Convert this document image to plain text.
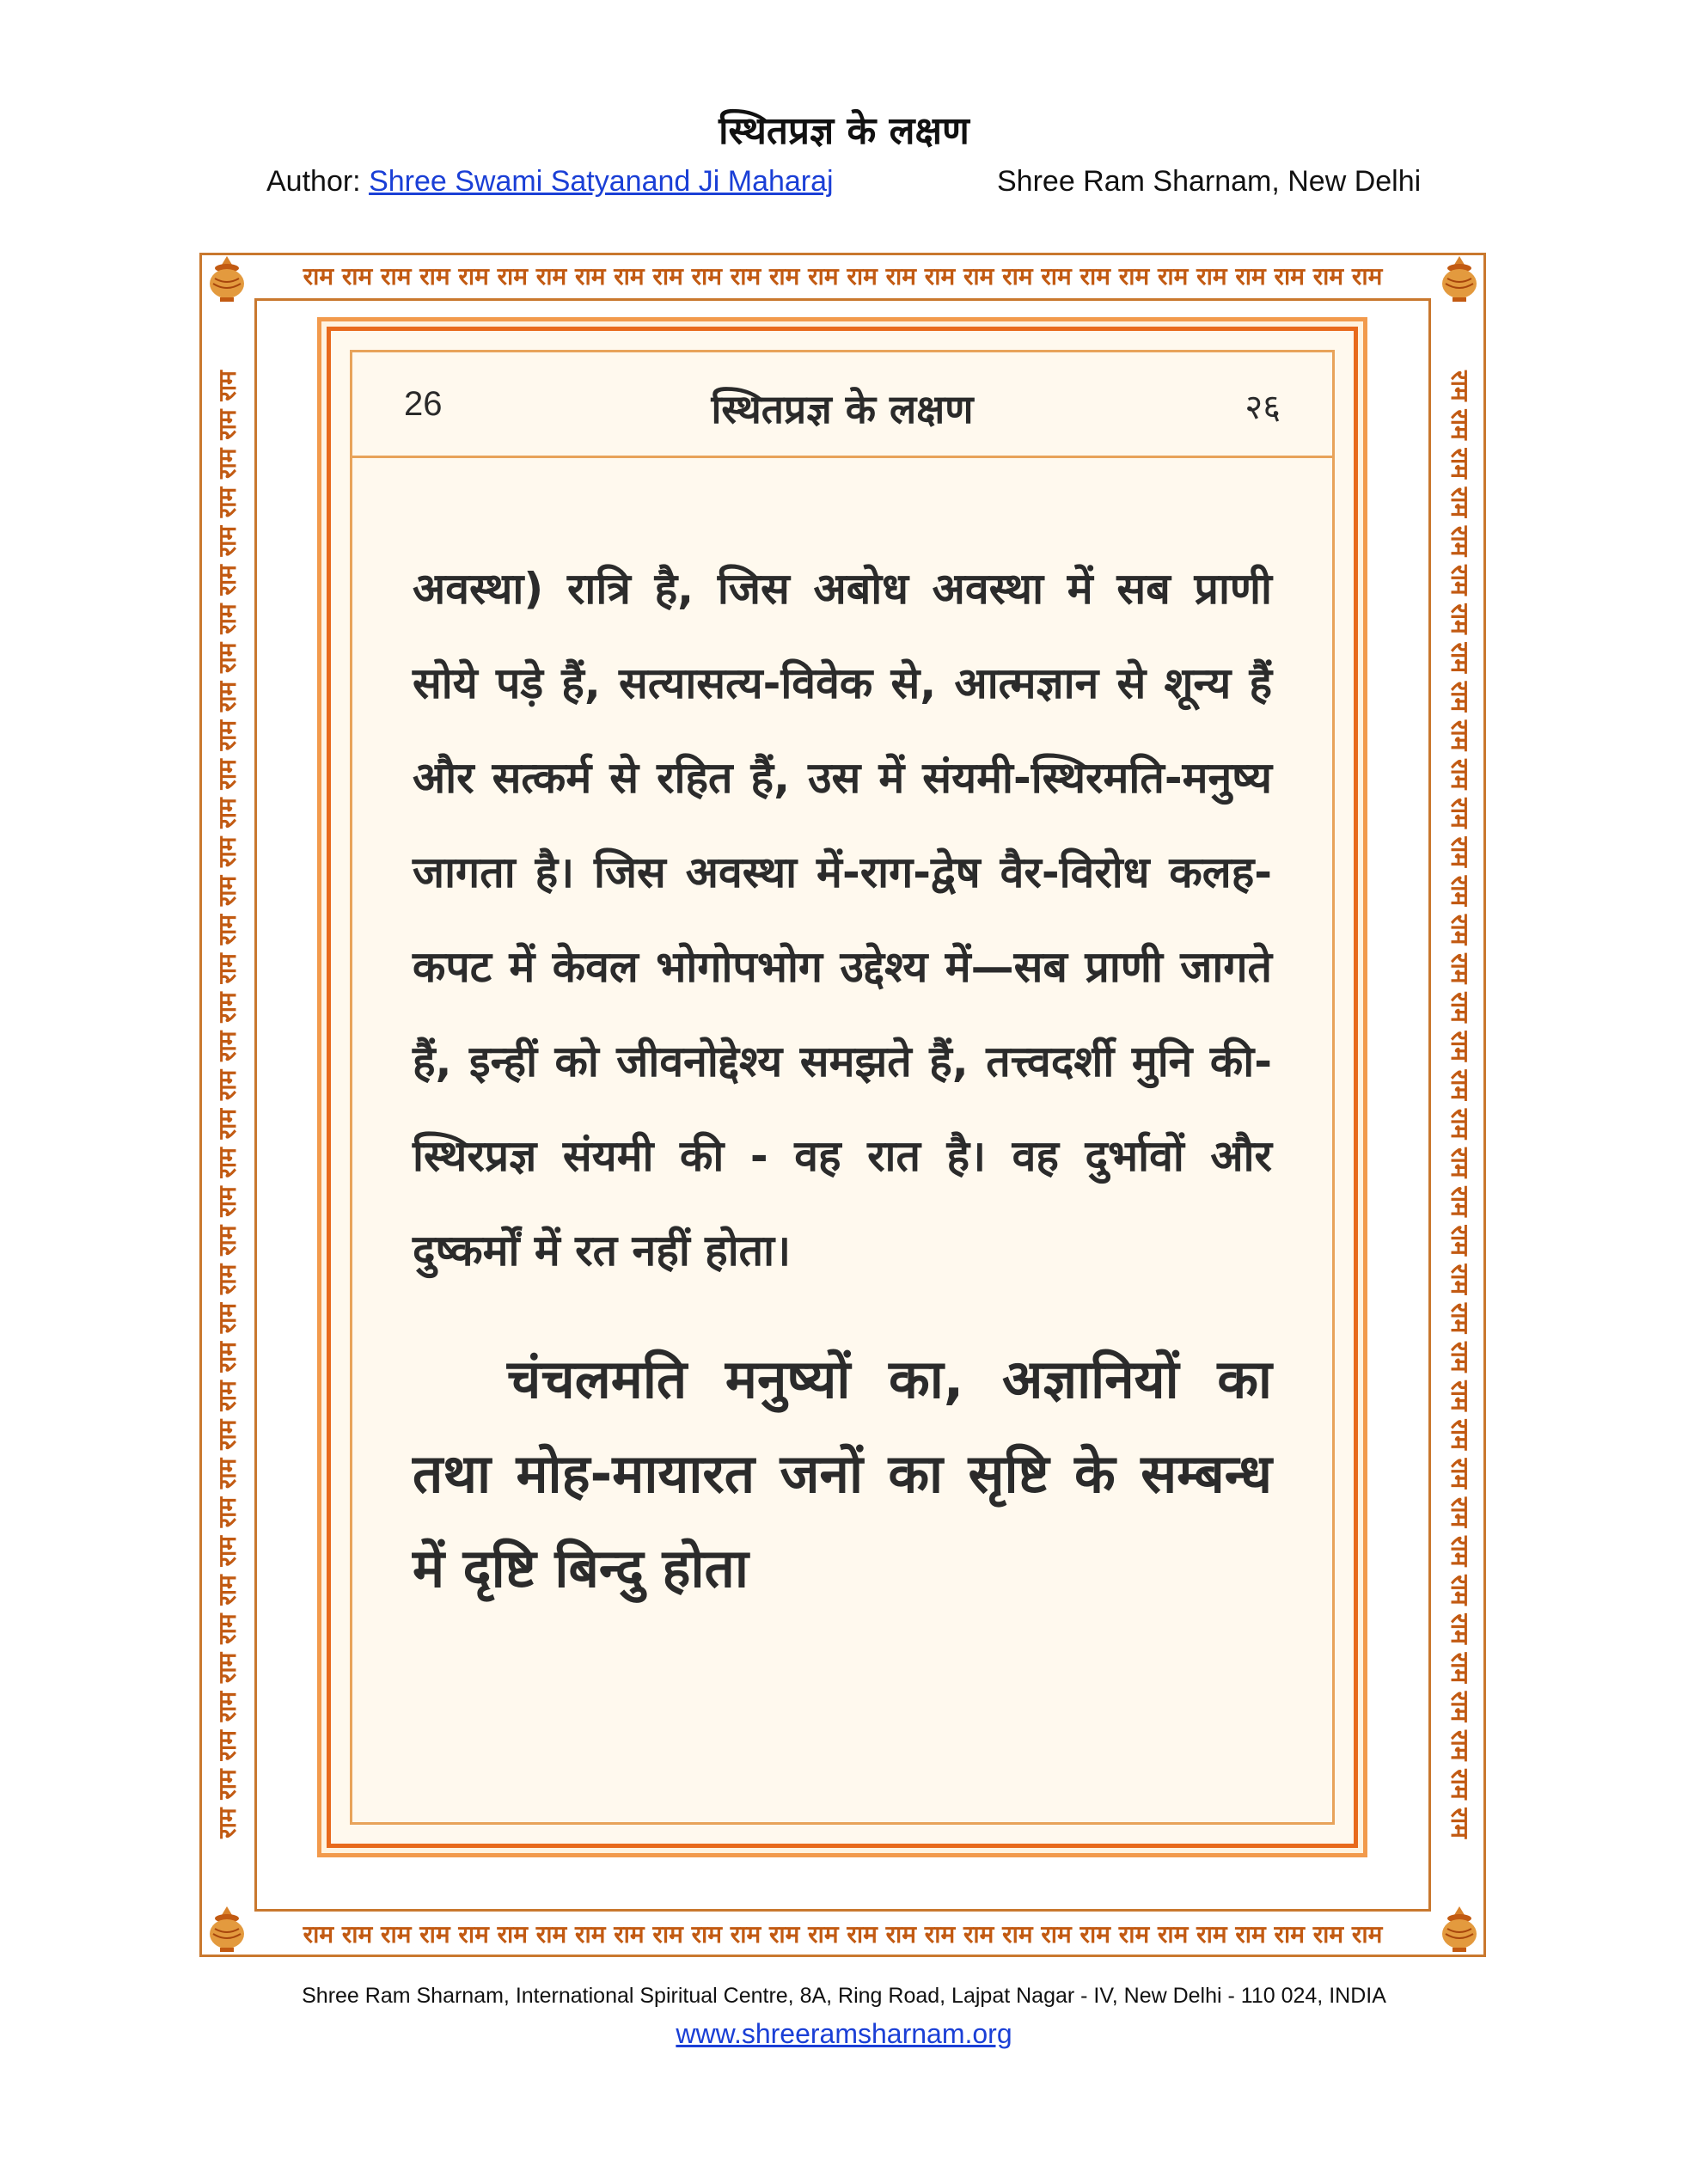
स्थितप्रज्ञ के लक्षण
Author: Shree Swami Satyanand Ji Maharaj	Shree Ram Sharnam, New Delhi
राम राम राम राम राम राम राम राम राम राम राम राम राम राम राम राम राम राम राम राम राम राम राम राम राम राम राम राम
राम राम राम राम राम राम राम राम राम राम राम राम राम राम राम राम राम राम राम राम राम राम राम राम राम राम राम राम
राम राम राम राम राम राम राम राम राम राम राम राम राम राम राम राम राम राम राम राम राम राम राम राम राम राम राम राम राम राम राम राम राम राम राम राम राम राम	राम राम राम राम राम राम राम राम राम राम राम राम राम राम राम राम राम राम राम राम राम राम राम राम राम राम राम राम राम राम राम राम राम राम राम राम राम राम
26	स्थितप्रज्ञ के लक्षण	२६
अवस्था) रात्रि है, जिस अबोध अवस्था में सब प्राणी सोये पड़े हैं, सत्यासत्य-विवेक से, आत्मज्ञान से शून्य हैं और सत्कर्म से रहित हैं, उस में संयमी-स्थिरमति-मनुष्य जागता है। जिस अवस्था में-राग-द्वेष वैर-विरोध कलह-कपट में केवल भोगोपभोग उद्देश्य में—सब प्राणी जागते हैं, इन्हीं को जीवनोद्देश्य समझते हैं, तत्त्वदर्शी मुनि की-स्थिरप्रज्ञ संयमी की - वह रात है। वह दुर्भावों और दुष्कर्मों में रत नहीं होता।
चंचलमति मनुष्यों का, अज्ञानियों का तथा मोह-मायारत जनों का सृष्टि के सम्बन्ध में दृष्टि बिन्दु होता
Shree Ram Sharnam, International Spiritual Centre, 8A, Ring Road, Lajpat Nagar - IV, New Delhi - 110 024, INDIA
www.shreeramsharnam.org
